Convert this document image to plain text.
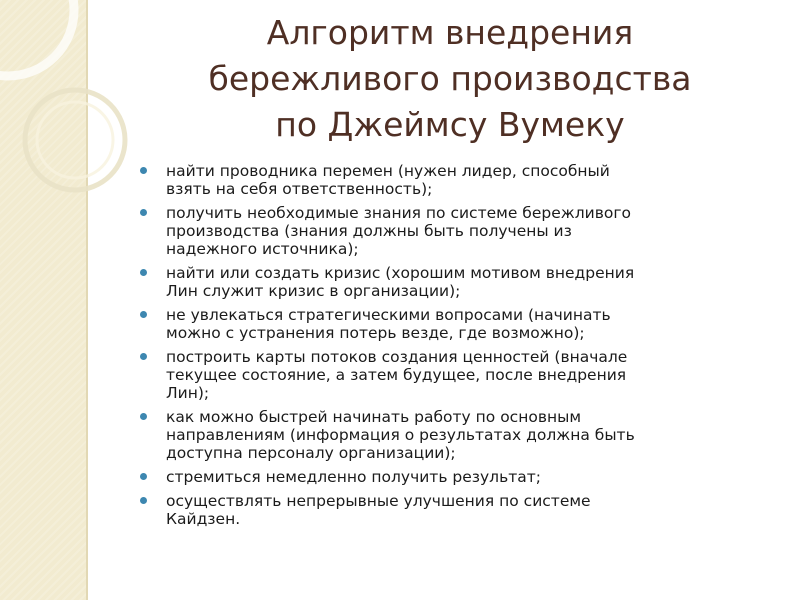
Алгоритм внедрения
бережливого производства
по Джеймсу Вумеку
найти проводника перемен (нужен лидер, способный
взять на себя ответственность);
получить необходимые знания по системе бережливого
производства (знания должны быть получены из
надежного источника);
найти или создать кризис (хорошим мотивом внедрения
Лин служит кризис в организации);
не увлекаться стратегическими вопросами (начинать
можно с устранения потерь везде, где возможно);
построить карты потоков создания ценностей (вначале
текущее состояние, а затем будущее, после внедрения
Лин);
как можно быстрей начинать работу по основным
направлениям (информация о результатах должна быть
доступна персоналу организации);
стремиться немедленно получить результат;
осуществлять непрерывные улучшения по системе
Кайдзен.
